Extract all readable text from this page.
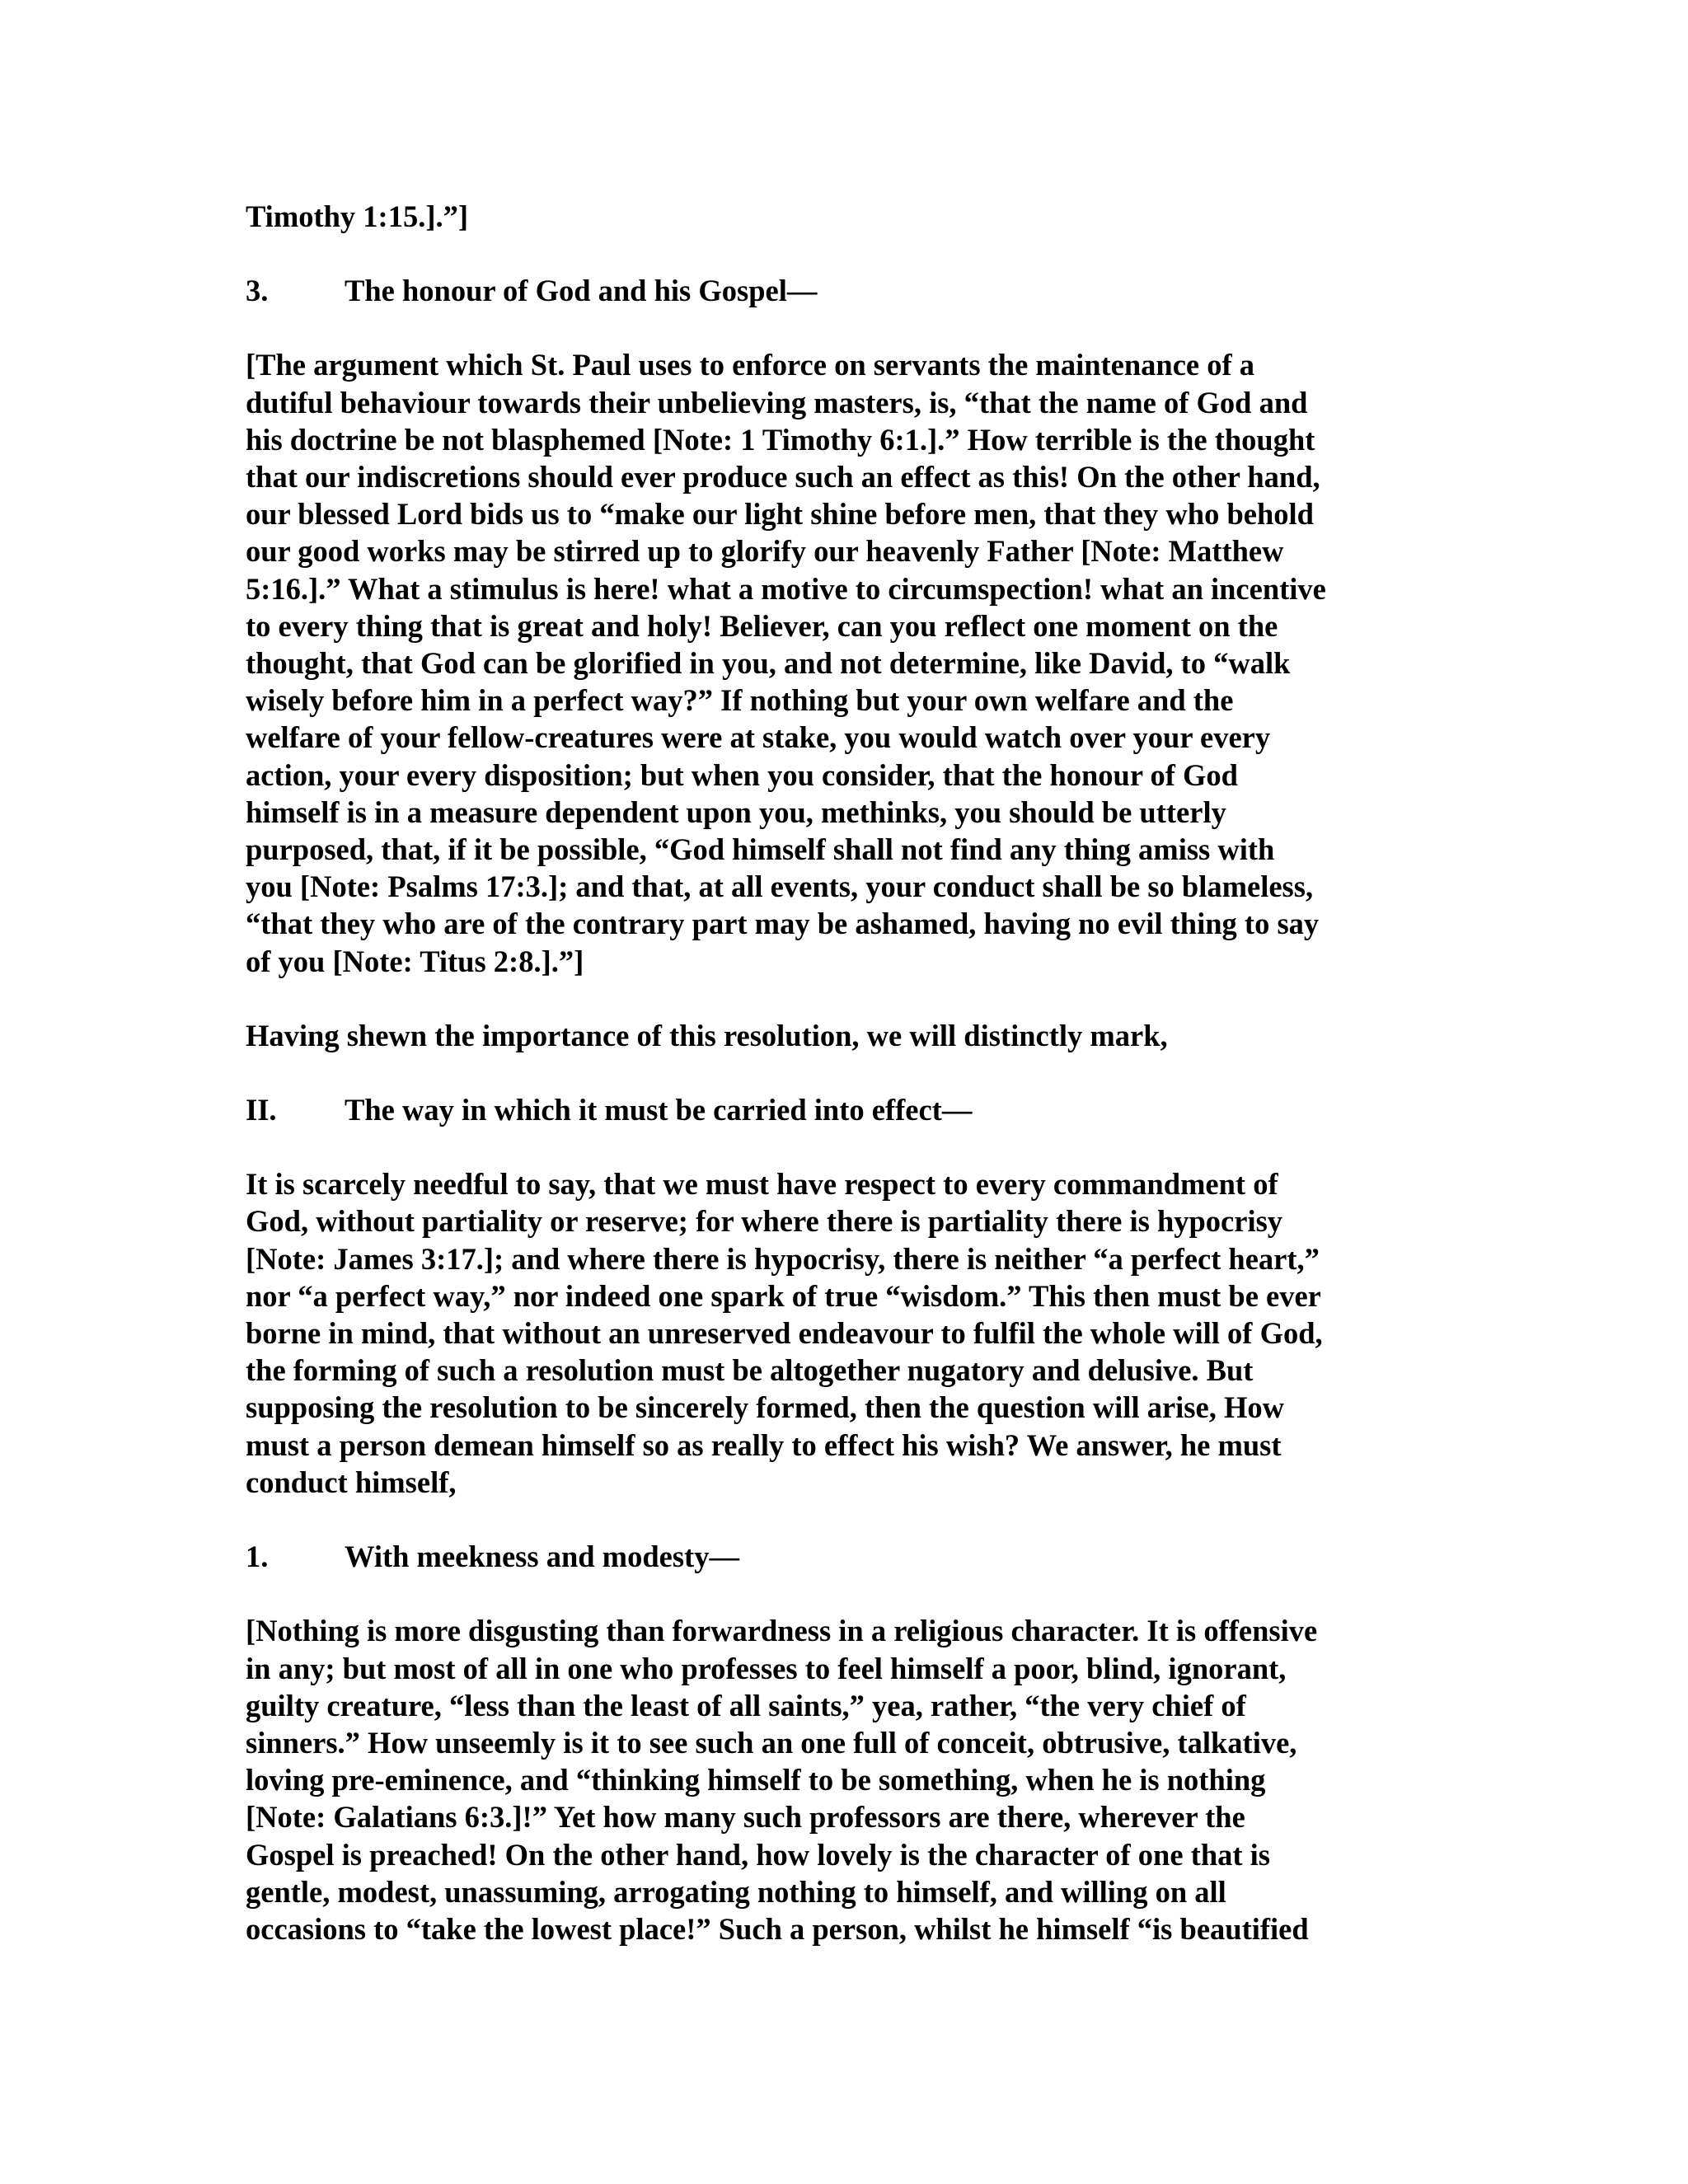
Timothy 1:15.].”]

3.	The honour of God and his Gospel—

[The argument which St. Paul uses to enforce on servants the maintenance of a
dutiful behaviour towards their unbelieving masters, is, “that the name of God and
his doctrine be not blasphemed [Note: 1 Timothy 6:1.].” How terrible is the thought
that our indiscretions should ever produce such an effect as this! On the other hand,
our blessed Lord bids us to “make our light shine before men, that they who behold
our good works may be stirred up to glorify our heavenly Father [Note: Matthew
5:16.].” What a stimulus is here! what a motive to circumspection! what an incentive
to every thing that is great and holy! Believer, can you reflect one moment on the
thought, that God can be glorified in you, and not determine, like David, to “walk
wisely before him in a perfect way?” If nothing but your own welfare and the
welfare of your fellow-creatures were at stake, you would watch over your every
action, your every disposition; but when you consider, that the honour of God
himself is in a measure dependent upon you, methinks, you should be utterly
purposed, that, if it be possible, “God himself shall not find any thing amiss with
you [Note: Psalms 17:3.]; and that, at all events, your conduct shall be so blameless,
“that they who are of the contrary part may be ashamed, having no evil thing to say
of you [Note: Titus 2:8.].”]

Having shewn the importance of this resolution, we will distinctly mark,

II.	The way in which it must be carried into effect—

It is scarcely needful to say, that we must have respect to every commandment of
God, without partiality or reserve; for where there is partiality there is hypocrisy
[Note: James 3:17.]; and where there is hypocrisy, there is neither “a perfect heart,”
nor “a perfect way,” nor indeed one spark of true “wisdom.” This then must be ever
borne in mind, that without an unreserved endeavour to fulfil the whole will of God,
the forming of such a resolution must be altogether nugatory and delusive. But
supposing the resolution to be sincerely formed, then the question will arise, How
must a person demean himself so as really to effect his wish? We answer, he must
conduct himself,

1.	With meekness and modesty—

[Nothing is more disgusting than forwardness in a religious character. It is offensive
in any; but most of all in one who professes to feel himself a poor, blind, ignorant,
guilty creature, “less than the least of all saints,” yea, rather, “the very chief of
sinners.” How unseemly is it to see such an one full of conceit, obtrusive, talkative,
loving pre-eminence, and “thinking himself to be something, when he is nothing
[Note: Galatians 6:3.]!” Yet how many such professors are there, wherever the
Gospel is preached! On the other hand, how lovely is the character of one that is
gentle, modest, unassuming, arrogating nothing to himself, and willing on all
occasions to “take the lowest place!” Such a person, whilst he himself “is beautified
